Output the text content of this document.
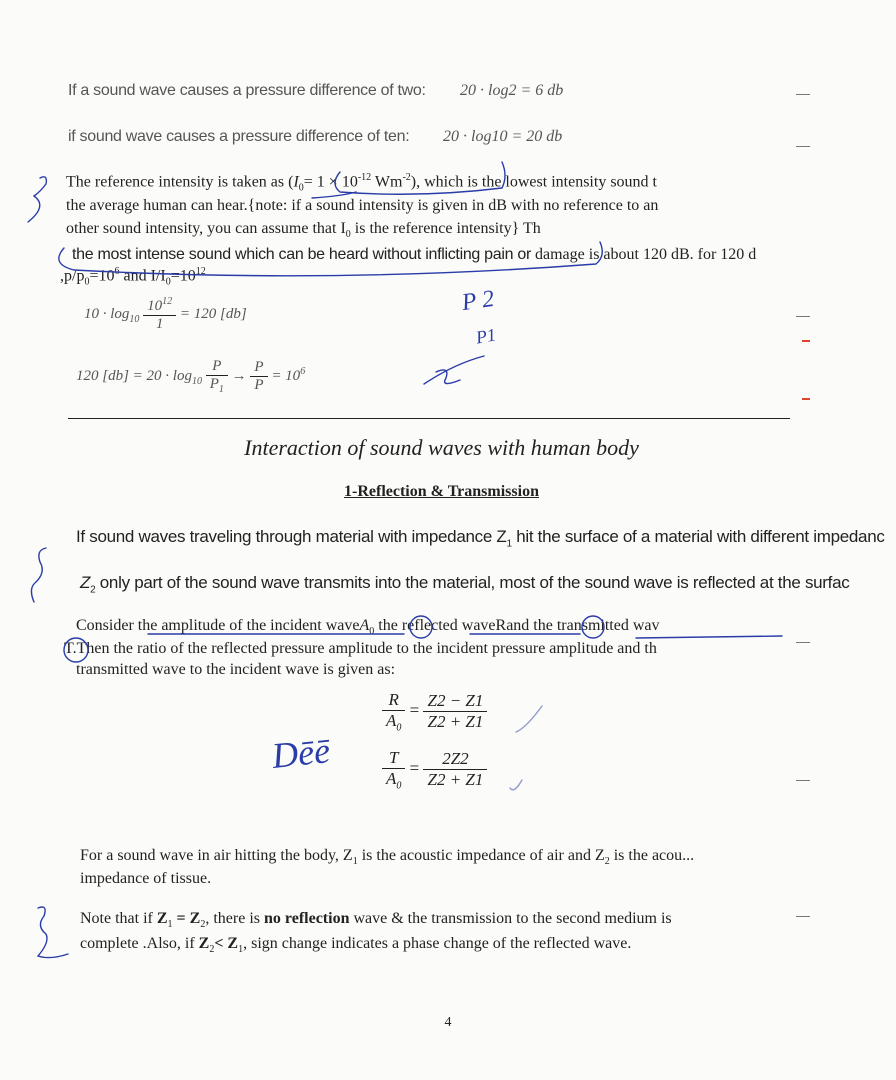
If a sound wave causes a pressure difference of two: 20 · log2 = 6 db
if sound wave causes a pressure difference of ten: 20 · log10 = 20 db
The reference intensity is taken as ($I_0= 1 \times 10^{-12}$ $Wm^{-2}$), which is the lowest intensity sound t
the average human can hear.{note: if a sound intensity is given in dB with no reference to an
other sound intensity, you can assume that $I_0$ is the reference intensity} Th
the most intense sound which can be heard without inflicting pain or damage is about 120 dB. for 120 d
$,p/p_0=10^6$ and $I/I_0=10^{12}$
$10 \cdot \log_{10} \frac{10^{12}}{1} = 120$ [db]
120 $[db] = 20 \cdot \log_{10} \frac{P}{P_1} \to \frac{P}{P} = 10^6$
Interaction of sound waves with human body
1-Reflection & Transmission
If sound waves traveling through material with impedance $Z_1$ hit the surface of a material with different impedanc
$Z_2$ only part of the sound wave transmits into the material, most of the sound wave is reflected at the surfac
Consider the amplitude of the incident waveA$_0$ the reflected waveRand the transmitted wav
T.Then the ratio of the reflected pressure amplitude to the incident pressure amplitude and th
transmitted wave to the incident wave is given as:
$\frac{R}{A_0} = \frac{Z2 - Z1}{Z2 + Z1}$
$\frac{T}{A_0} = \frac{2Z2}{Z2 + Z1}$
For a sound wave in air hitting the body, $Z_1$ is the acoustic impedance of air and $Z_2$ is the acou...
impedance of tissue.
Note that if $Z_1 = Z_2$, there is no reflection wave & the transmission to the second medium is
complete .Also, if $Z_2< Z_1$, sign change indicates a phase change of the reflected wave.
4
P 2
P1
Dēē
